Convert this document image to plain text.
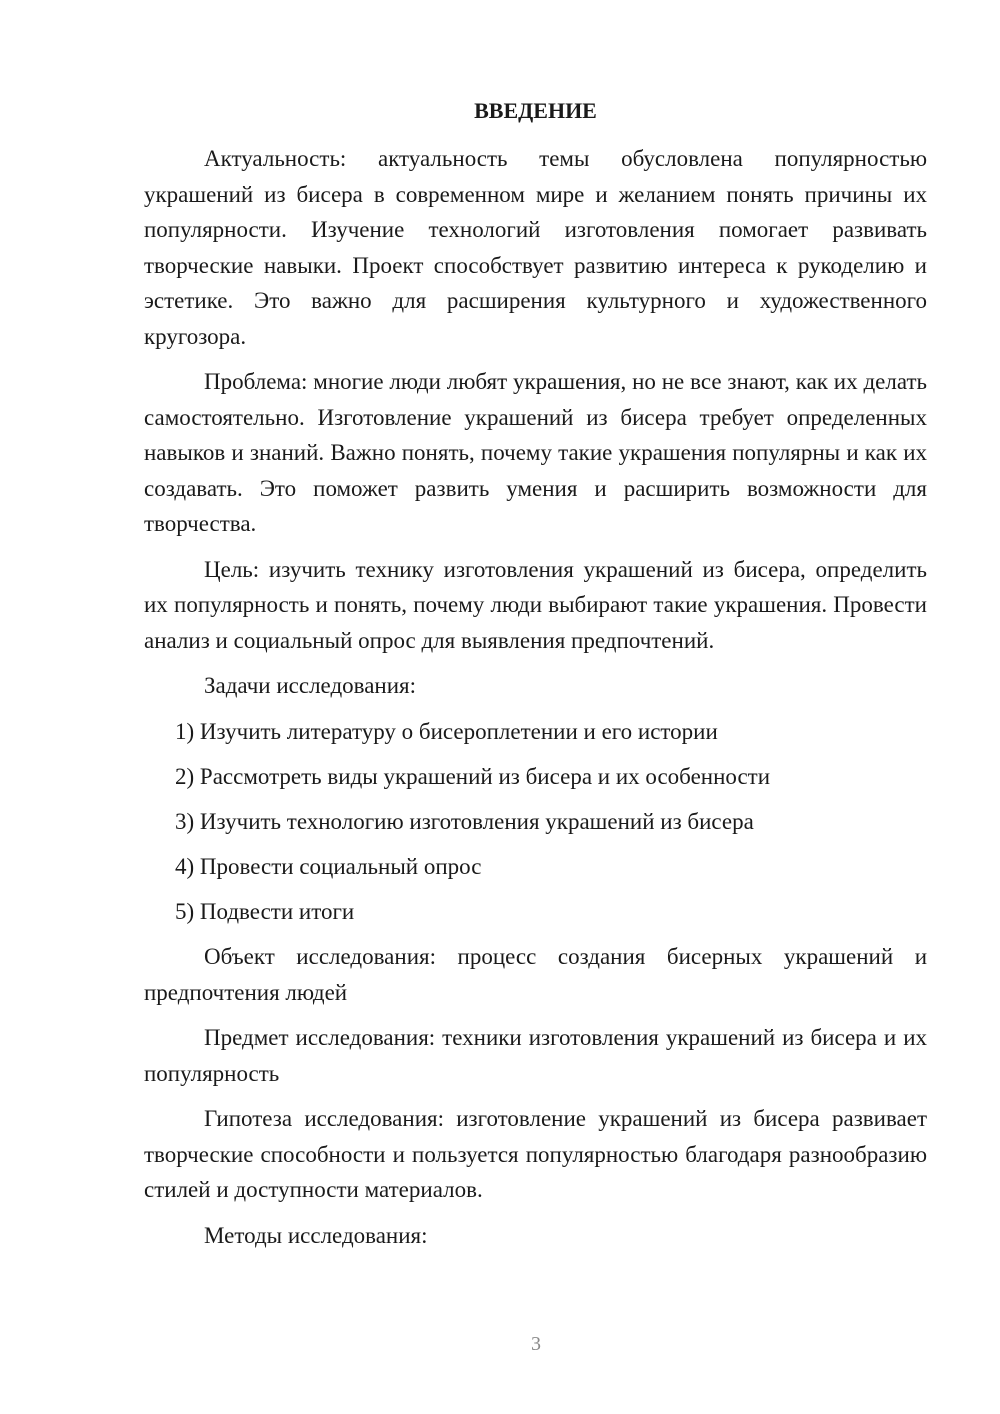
ВВЕДЕНИЕ

Актуальность: актуальность темы обусловлена популярностью украшений из бисера в современном мире и желанием понять причины их популярности. Изучение технологий изготовления помогает развивать творческие навыки. Проект способствует развитию интереса к рукоделию и эстетике. Это важно для расширения культурного и художественного кругозора.

Проблема: многие люди любят украшения, но не все знают, как их делать самостоятельно. Изготовление украшений из бисера требует определенных навыков и знаний. Важно понять, почему такие украшения популярны и как их создавать. Это поможет развить умения и расширить возможности для творчества.

Цель: изучить технику изготовления украшений из бисера, определить их популярность и понять, почему люди выбирают такие украшения. Провести анализ и социальный опрос для выявления предпочтений.

Задачи исследования:

1) Изучить литературу о бисероплетении и его истории
2) Рассмотреть виды украшений из бисера и их особенности
3) Изучить технологию изготовления украшений из бисера
4) Провести социальный опрос
5) Подвести итоги

Объект исследования: процесс создания бисерных украшений и предпочтения людей

Предмет исследования: техники изготовления украшений из бисера и их популярность

Гипотеза исследования: изготовление украшений из бисера развивает творческие способности и пользуется популярностью благодаря разнообразию стилей и доступности материалов.

Методы исследования:

3
